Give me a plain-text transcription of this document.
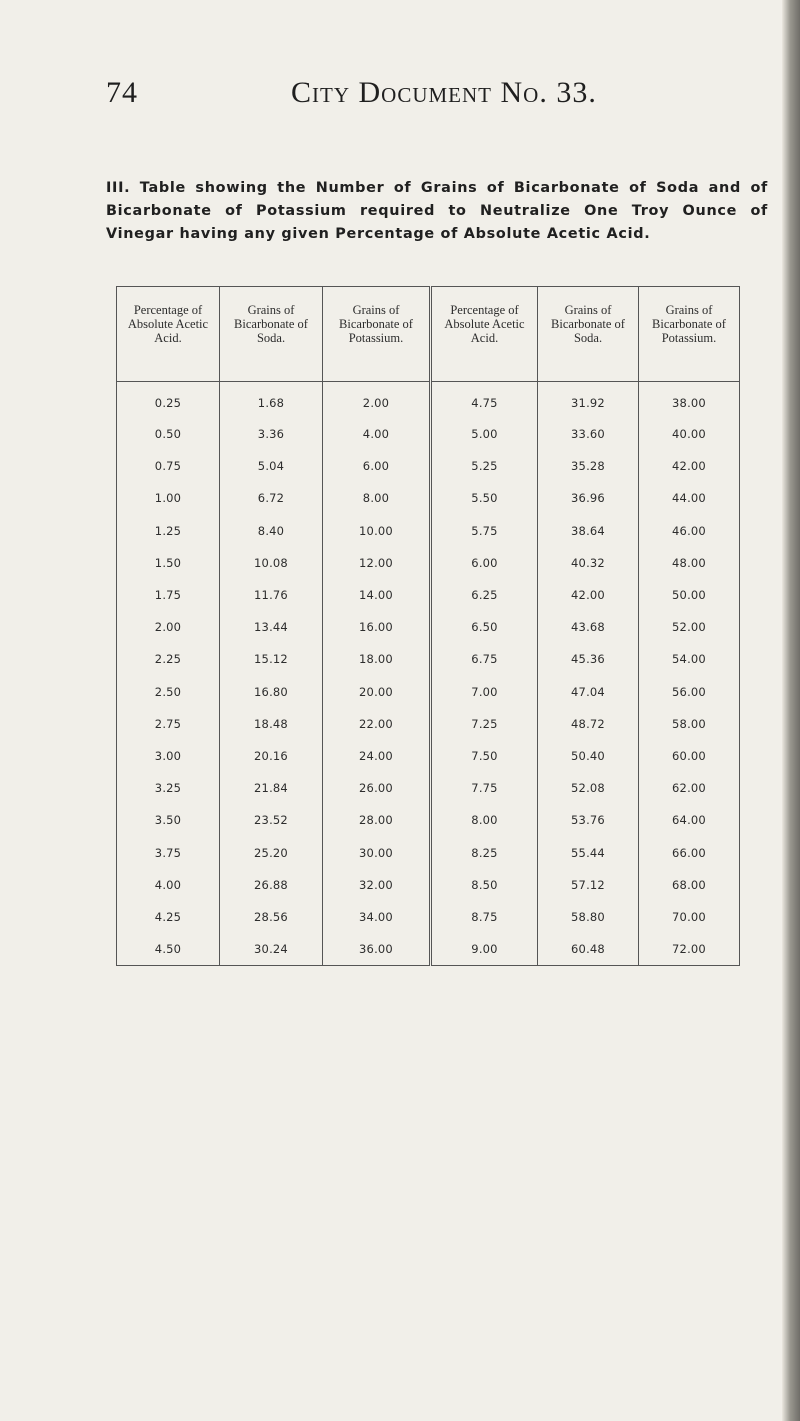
74	City Document No. 33.
III. Table showing the Number of Grains of Bicarbonate of Soda and of Bicarbonate of Potassium required to Neutralize One Troy Ounce of Vinegar having any given Percentage of Absolute Acetic Acid.
Percentage of Absolute Acetic Acid.	Grains of Bicarbonate of Soda.	Grains of Bicarbonate of Potassium.	Percentage of Absolute Acetic Acid.	Grains of Bicarbonate of Soda.	Grains of Bicarbonate of Potassium.
0.25	1.68	2.00	4.75	31.92	38.00
0.50	3.36	4.00	5.00	33.60	40.00
0.75	5.04	6.00	5.25	35.28	42.00
1.00	6.72	8.00	5.50	36.96	44.00
1.25	8.40	10.00	5.75	38.64	46.00
1.50	10.08	12.00	6.00	40.32	48.00
1.75	11.76	14.00	6.25	42.00	50.00
2.00	13.44	16.00	6.50	43.68	52.00
2.25	15.12	18.00	6.75	45.36	54.00
2.50	16.80	20.00	7.00	47.04	56.00
2.75	18.48	22.00	7.25	48.72	58.00
3.00	20.16	24.00	7.50	50.40	60.00
3.25	21.84	26.00	7.75	52.08	62.00
3.50	23.52	28.00	8.00	53.76	64.00
3.75	25.20	30.00	8.25	55.44	66.00
4.00	26.88	32.00	8.50	57.12	68.00
4.25	28.56	34.00	8.75	58.80	70.00
4.50	30.24	36.00	9.00	60.48	72.00
